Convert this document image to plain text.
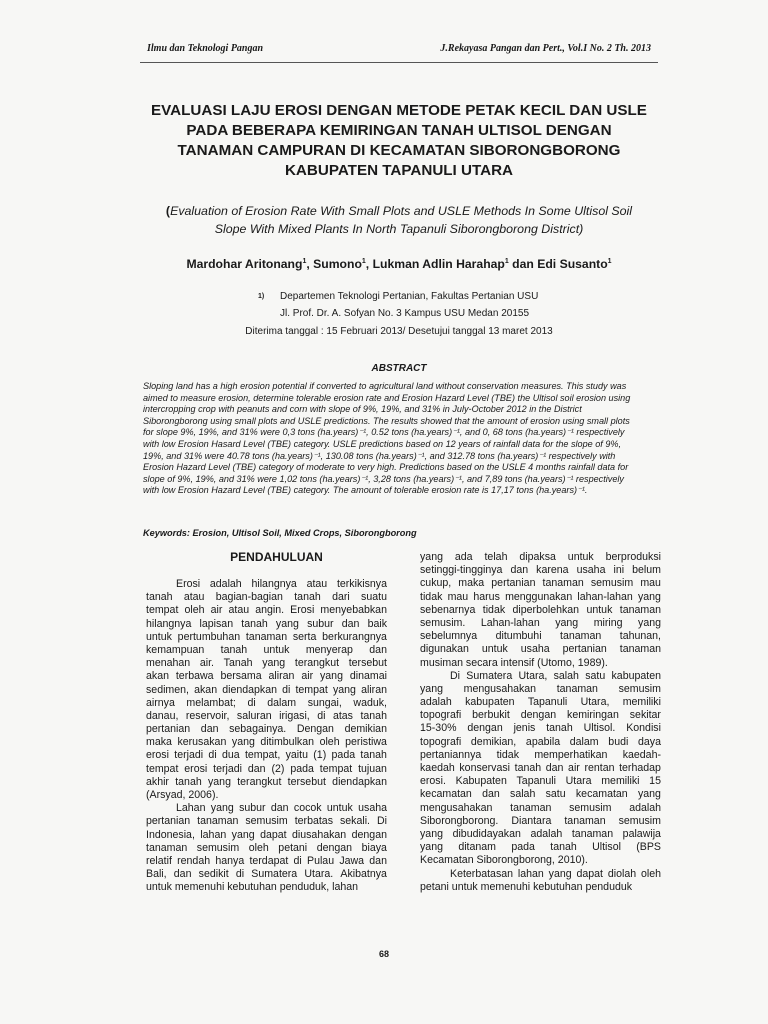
Ilmu dan Teknologi Pangan	J.Rekayasa Pangan dan Pert., Vol.I No. 2 Th. 2013
EVALUASI LAJU EROSI DENGAN METODE PETAK KECIL DAN USLE
PADA BEBERAPA KEMIRINGAN TANAH ULTISOL DENGAN
TANAMAN CAMPURAN DI KECAMATAN SIBORONGBORONG
KABUPATEN TAPANULI UTARA
(Evaluation of Erosion Rate With Small Plots and USLE Methods In Some Ultisol Soil
Slope With Mixed Plants In North Tapanuli Siborongborong District)
Mardohar Aritonang$^1$, Sumono$^1$, Lukman Adlin Harahap$^1$ dan Edi Susanto$^1$
$^{1)}$	Departemen Teknologi Pertanian, Fakultas Pertanian USU
Jl. Prof. Dr. A. Sofyan No. 3 Kampus USU Medan 20155
Diterima tanggal : 15 Februari 2013/ Desetujui tanggal 13 maret 2013
ABSTRACT
Sloping land has a high erosion potential if converted to agricultural land without conservation measures. This study was
aimed to measure erosion, determine tolerable erosion rate and Erosion Hazard Level (TBE) the Ultisol soil erosion using
intercropping crop with peanuts and corn with slope of 9%, 19%, and 31% in July-October 2012 in the District
Siborongborong using small plots and USLE predictions. The results showed that the amount of erosion using small plots
for slope 9%, 19%, and 31% were 0,3 tons (ha.years)⁻¹, 0.52 tons (ha.years)⁻¹, and 0, 68 tons (ha.years)⁻¹ respectively
with low Erosion Hasard Level (TBE) category. USLE predictions based on 12 years of rainfall data for the slope of 9%,
19%, and 31% were 40.78 tons (ha.years)⁻¹, 130.08 tons (ha.years)⁻¹, and 312.78 tons (ha.years)⁻¹ respectively with
Erosion Hazard Level (TBE) category of moderate to very high. Predictions based on the USLE 4 months rainfall data for
slope of 9%, 19%, and 31% were 1,02 tons (ha.years)⁻¹, 3,28 tons (ha.years)⁻¹, and 7,89 tons (ha.years)⁻¹ respectively
with low Erosion Hazard Level (TBE) category. The amount of tolerable erosion rate is 17,17 tons (ha.years)⁻¹.
Keywords: Erosion, Ultisol Soil, Mixed Crops, Siborongborong
PENDAHULUAN
Erosi adalah hilangnya atau terkikisnya
tanah atau bagian-bagian tanah dari suatu
tempat oleh air atau angin. Erosi menyebabkan
hilangnya lapisan tanah yang subur dan baik
untuk pertumbuhan tanaman serta berkurangnya
kemampuan tanah untuk menyerap dan
menahan air. Tanah yang terangkut tersebut
akan terbawa bersama aliran air yang dinamai
sedimen, akan diendapkan di tempat yang aliran
airnya melambat; di dalam sungai, waduk,
danau, reservoir, saluran irigasi, di atas tanah
pertanian dan sebagainya. Dengan demikian
maka kerusakan yang ditimbulkan oleh peristiwa
erosi terjadi di dua tempat, yaitu (1) pada tanah
tempat erosi terjadi dan (2) pada tempat tujuan
akhir tanah yang terangkut tersebut diendapkan
(Arsyad, 2006).
Lahan yang subur dan cocok untuk usaha
pertanian tanaman semusim terbatas sekali. Di
Indonesia, lahan yang dapat diusahakan dengan
tanaman semusim oleh petani dengan biaya
relatif rendah hanya terdapat di Pulau Jawa dan
Bali, dan sedikit di Sumatera Utara. Akibatnya
untuk memenuhi kebutuhan penduduk, lahan
yang ada telah dipaksa untuk berproduksi
setinggi-tingginya dan karena usaha ini belum
cukup, maka pertanian tanaman semusim mau
tidak mau harus menggunakan lahan-lahan yang
sebenarnya tidak diperbolehkan untuk tanaman
semusim. Lahan-lahan yang miring yang
sebelumnya ditumbuhi tanaman tahunan,
digunakan untuk usaha pertanian tanaman
musiman secara intensif (Utomo, 1989).
Di Sumatera Utara, salah satu kabupaten
yang mengusahakan tanaman semusim
adalah kabupaten Tapanuli Utara, memiliki
topografi berbukit dengan kemiringan sekitar
15-30% dengan jenis tanah Ultisol. Kondisi
topografi demikian, apabila dalam budi daya
pertaniannya tidak memperhatikan kaedah-
kaedah konservasi tanah dan air rentan terhadap
erosi. Kabupaten Tapanuli Utara memiliki 15
kecamatan dan salah satu kecamatan yang
mengusahakan tanaman semusim adalah
Siborongborong. Diantara tanaman semusim
yang dibudidayakan adalah tanaman palawija
yang ditanam pada tanah Ultisol (BPS
Kecamatan Siborongborong, 2010).
Keterbatasan lahan yang dapat diolah oleh
petani untuk memenuhi kebutuhan penduduk
68
